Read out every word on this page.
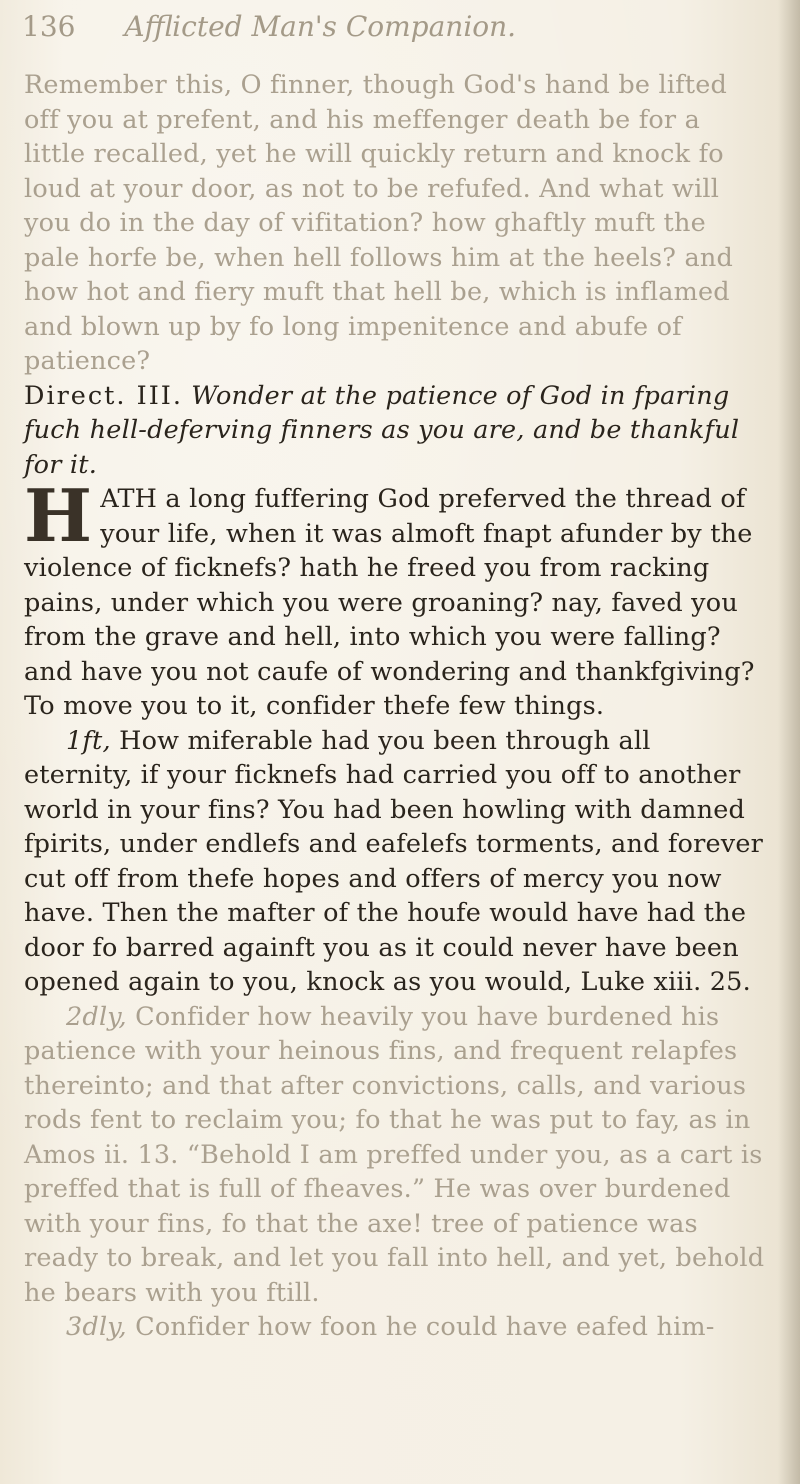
136 Afflicted Man's Companion.

Remember this, O finner, though God's hand be lifted off you at prefent, and his meffenger death be for a little recalled, yet he will quickly return and knock fo loud at your door, as not to be refufed. And what will you do in the day of vifitation? how ghaftly muft the pale horfe be, when hell follows him at the heels? and how hot and fiery muft that hell be, which is inflamed and blown up by fo long impenitence and abufe of patience?

Direct. III. Wonder at the patience of God in fparing fuch hell-deferving finners as you are, and be thankful for it.

HATH a long fuffering God preferved the thread of your life, when it was almoft fnapt afunder by the violence of ficknefs? hath he freed you from racking pains, under which you were groaning? nay, faved you from the grave and hell, into which you were falling? and have you not caufe of wondering and thankfgiving? To move you to it, confider thefe few things.

1ft, How miferable had you been through all eternity, if your ficknefs had carried you off to another world in your fins? You had been howling with damned fpirits, under endlefs and eafelefs torments, and forever cut off from thefe hopes and offers of mercy you now have. Then the mafter of the houfe would have had the door fo barred againft you as it could never have been opened again to you, knock as you would, Luke xiii. 25.

2dly, Confider how heavily you have burdened his patience with your heinous fins, and frequent relapfes thereinto; and that after convictions, calls, and various rods fent to reclaim you; fo that he was put to fay, as in Amos ii. 13. “Behold I am preffed under you, as a cart is preffed that is full of fheaves.” He was over burdened with your fins, fo that the axe! tree of patience was ready to break, and let you fall into hell, and yet, behold he bears with you ftill.

3dly, Confider how foon he could have eafed him-
